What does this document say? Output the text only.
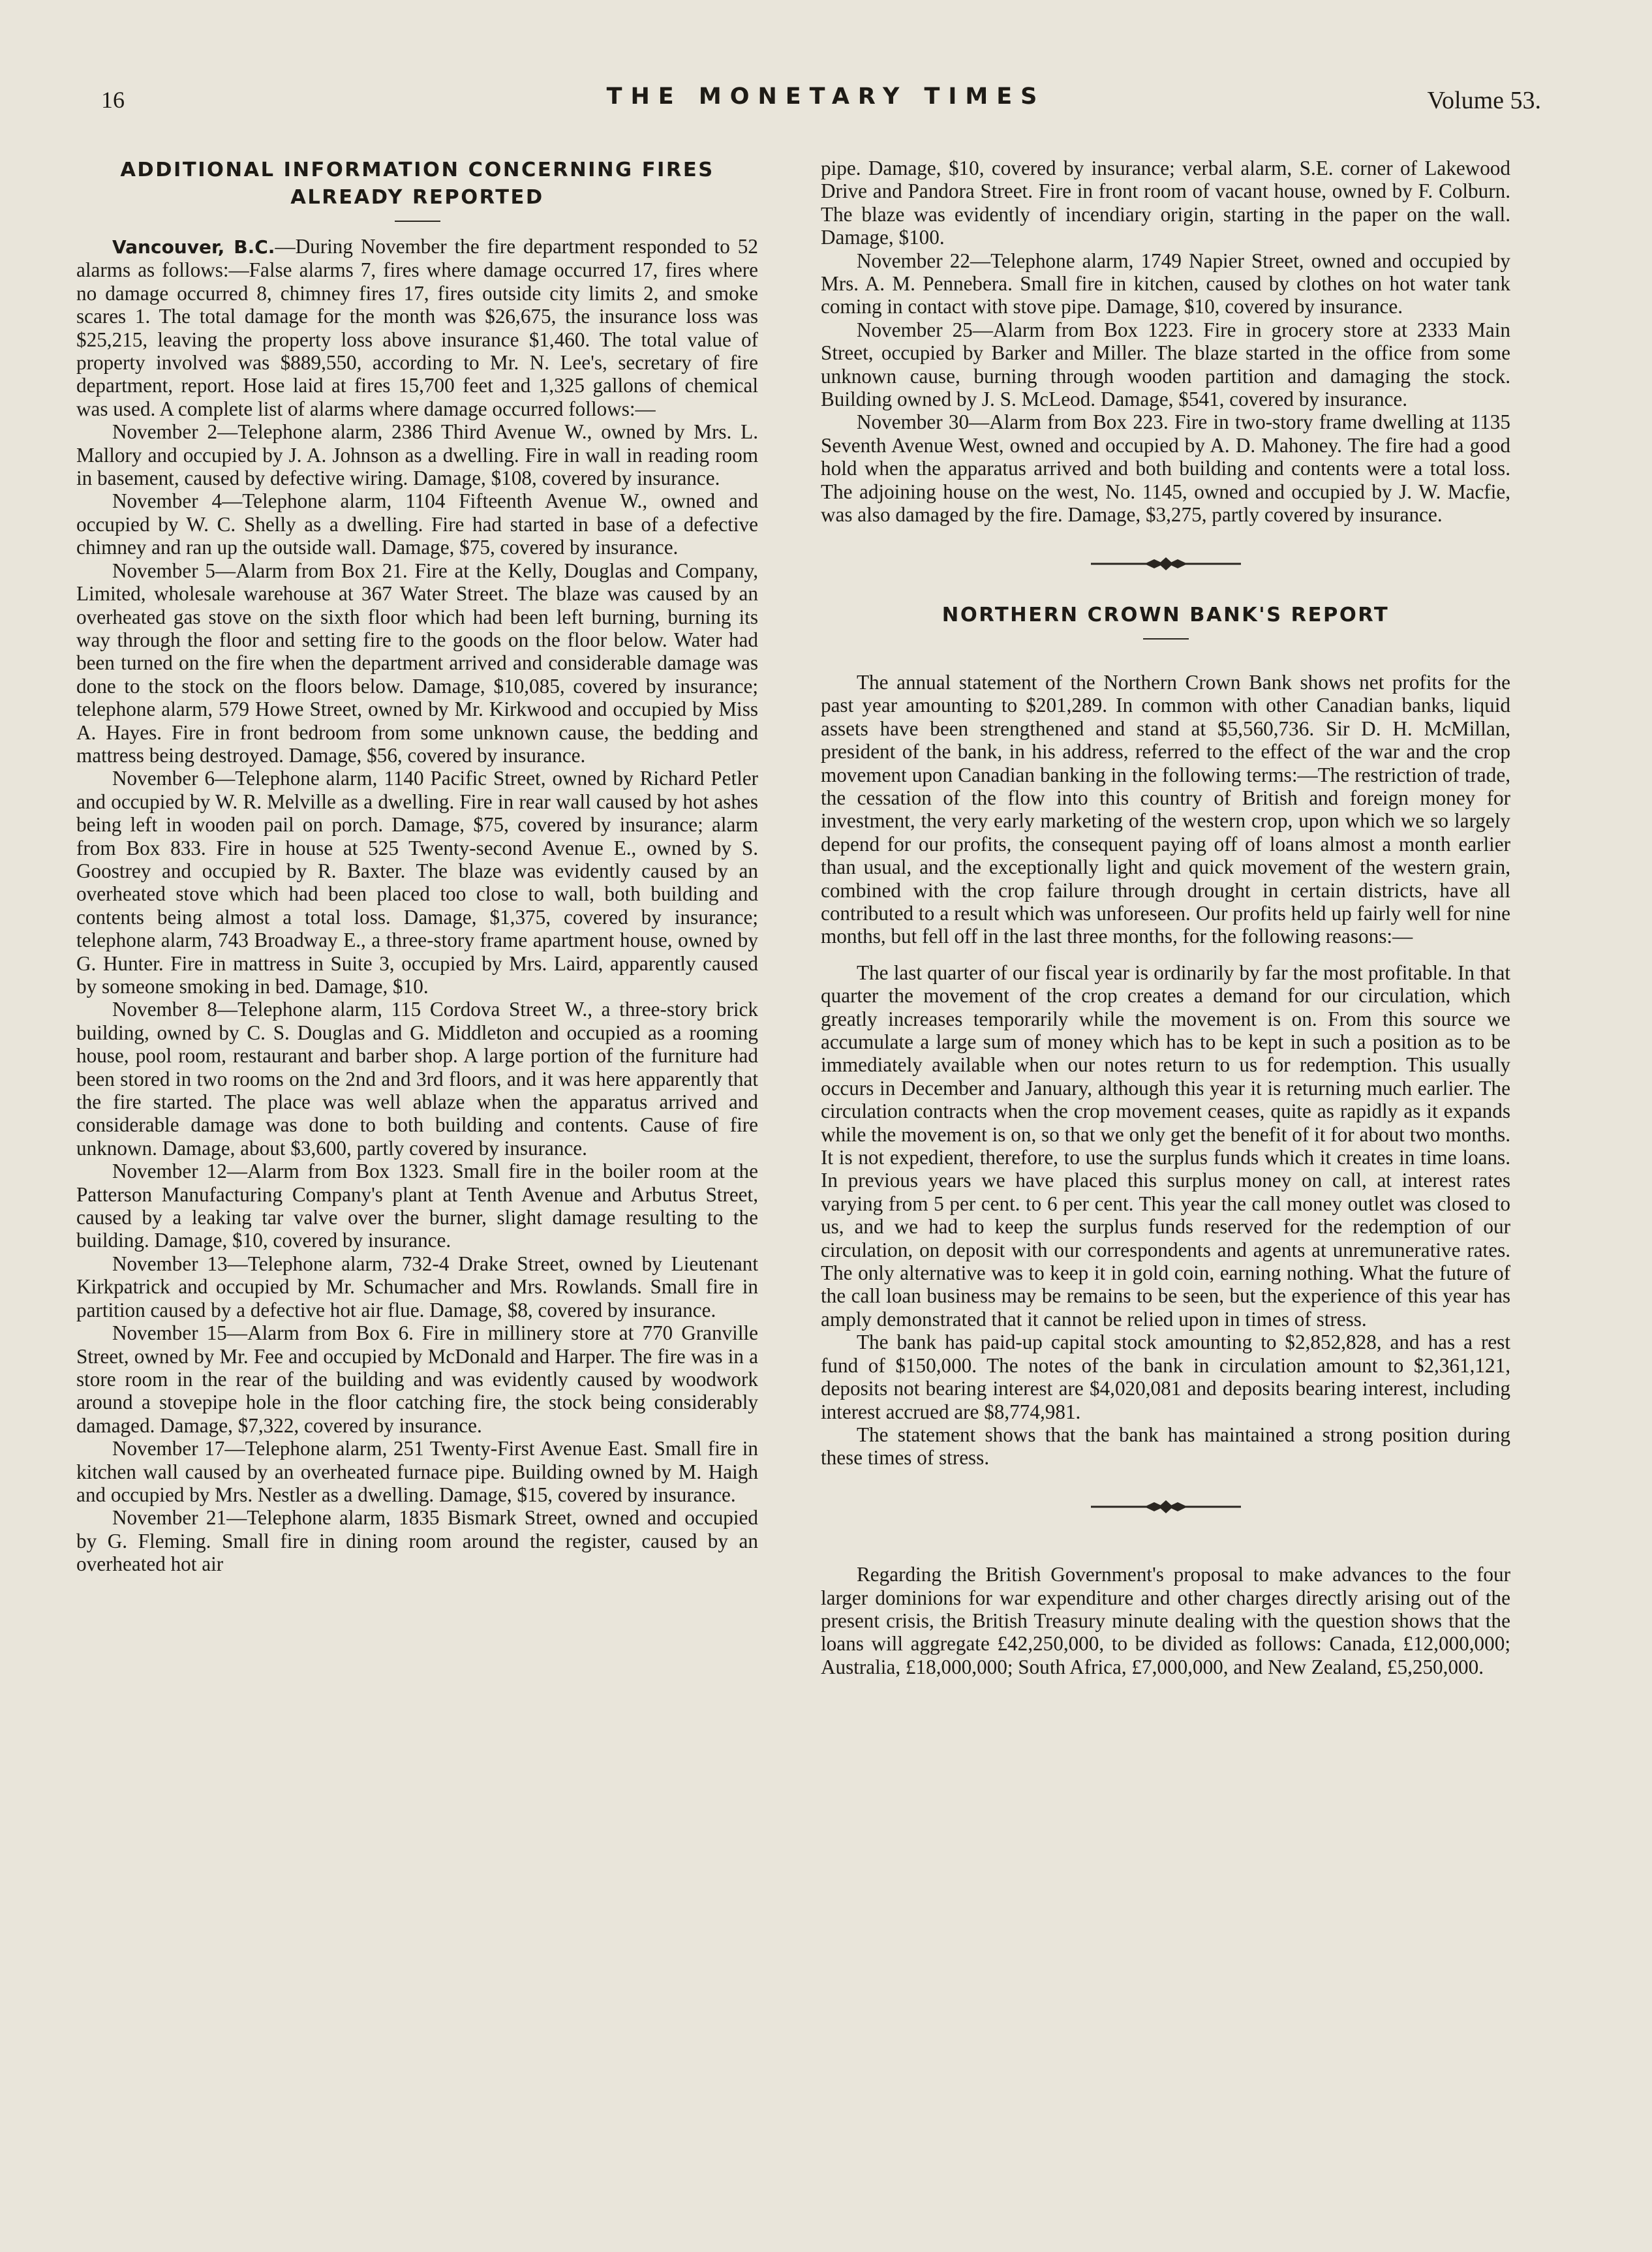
16	THE MONETARY TIMES	Volume 53.
ADDITIONAL INFORMATION CONCERNING FIRES
ALREADY REPORTED

Vancouver, B.C.—During November the fire department responded to 52 alarms as follows:—False alarms 7, fires where damage occurred 17, fires where no damage occurred 8, chimney fires 17, fires outside city limits 2, and smoke scares 1. The total damage for the month was $26,675, the insurance loss was $25,215, leaving the property loss above insurance $1,460. The total value of property involved was $889,550, according to Mr. N. Lee's, secretary of fire department, report. Hose laid at fires 15,700 feet and 1,325 gallons of chemical was used. A complete list of alarms where damage occurred follows:—

November 2—Telephone alarm, 2386 Third Avenue W., owned by Mrs. L. Mallory and occupied by J. A. Johnson as a dwelling. Fire in wall in reading room in basement, caused by defective wiring. Damage, $108, covered by insurance.

November 4—Telephone alarm, 1104 Fifteenth Avenue W., owned and occupied by W. C. Shelly as a dwelling. Fire had started in base of a defective chimney and ran up the outside wall. Damage, $75, covered by insurance.

November 5—Alarm from Box 21. Fire at the Kelly, Douglas and Company, Limited, wholesale warehouse at 367 Water Street. The blaze was caused by an overheated gas stove on the sixth floor which had been left burning, burning its way through the floor and setting fire to the goods on the floor below. Water had been turned on the fire when the department arrived and considerable damage was done to the stock on the floors below. Damage, $10,085, covered by insurance; telephone alarm, 579 Howe Street, owned by Mr. Kirkwood and occupied by Miss A. Hayes. Fire in front bedroom from some unknown cause, the bedding and mattress being destroyed. Damage, $56, covered by insurance.

November 6—Telephone alarm, 1140 Pacific Street, owned by Richard Petler and occupied by W. R. Melville as a dwelling. Fire in rear wall caused by hot ashes being left in wooden pail on porch. Damage, $75, covered by insurance; alarm from Box 833. Fire in house at 525 Twenty-second Avenue E., owned by S. Goostrey and occupied by R. Baxter. The blaze was evidently caused by an overheated stove which had been placed too close to wall, both building and contents being almost a total loss. Damage, $1,375, covered by insurance; telephone alarm, 743 Broadway E., a three-story frame apartment house, owned by G. Hunter. Fire in mattress in Suite 3, occupied by Mrs. Laird, apparently caused by someone smoking in bed. Damage, $10.

November 8—Telephone alarm, 115 Cordova Street W., a three-story brick building, owned by C. S. Douglas and G. Middleton and occupied as a rooming house, pool room, restaurant and barber shop. A large portion of the furniture had been stored in two rooms on the 2nd and 3rd floors, and it was here apparently that the fire started. The place was well ablaze when the apparatus arrived and considerable damage was done to both building and contents. Cause of fire unknown. Damage, about $3,600, partly covered by insurance.

November 12—Alarm from Box 1323. Small fire in the boiler room at the Patterson Manufacturing Company's plant at Tenth Avenue and Arbutus Street, caused by a leaking tar valve over the burner, slight damage resulting to the building. Damage, $10, covered by insurance.

November 13—Telephone alarm, 732-4 Drake Street, owned by Lieutenant Kirkpatrick and occupied by Mr. Schumacher and Mrs. Rowlands. Small fire in partition caused by a defective hot air flue. Damage, $8, covered by insurance.

November 15—Alarm from Box 6. Fire in millinery store at 770 Granville Street, owned by Mr. Fee and occupied by McDonald and Harper. The fire was in a store room in the rear of the building and was evidently caused by woodwork around a stovepipe hole in the floor catching fire, the stock being considerably damaged. Damage, $7,322, covered by insurance.

November 17—Telephone alarm, 251 Twenty-First Avenue East. Small fire in kitchen wall caused by an overheated furnace pipe. Building owned by M. Haigh and occupied by Mrs. Nestler as a dwelling. Damage, $15, covered by insurance.

November 21—Telephone alarm, 1835 Bismark Street, owned and occupied by G. Fleming. Small fire in dining room around the register, caused by an overheated hot air

pipe. Damage, $10, covered by insurance; verbal alarm, S.E. corner of Lakewood Drive and Pandora Street. Fire in front room of vacant house, owned by F. Colburn. The blaze was evidently of incendiary origin, starting in the paper on the wall. Damage, $100.

November 22—Telephone alarm, 1749 Napier Street, owned and occupied by Mrs. A. M. Pennebera. Small fire in kitchen, caused by clothes on hot water tank coming in contact with stove pipe. Damage, $10, covered by insurance.

November 25—Alarm from Box 1223. Fire in grocery store at 2333 Main Street, occupied by Barker and Miller. The blaze started in the office from some unknown cause, burning through wooden partition and damaging the stock. Building owned by J. S. McLeod. Damage, $541, covered by insurance.

November 30—Alarm from Box 223. Fire in two-story frame dwelling at 1135 Seventh Avenue West, owned and occupied by A. D. Mahoney. The fire had a good hold when the apparatus arrived and both building and contents were a total loss. The adjoining house on the west, No. 1145, owned and occupied by J. W. Macfie, was also damaged by the fire. Damage, $3,275, partly covered by insurance.

NORTHERN CROWN BANK'S REPORT

The annual statement of the Northern Crown Bank shows net profits for the past year amounting to $201,289. In common with other Canadian banks, liquid assets have been strengthened and stand at $5,560,736. Sir D. H. McMillan, president of the bank, in his address, referred to the effect of the war and the crop movement upon Canadian banking in the following terms:—The restriction of trade, the cessation of the flow into this country of British and foreign money for investment, the very early marketing of the western crop, upon which we so largely depend for our profits, the consequent paying off of loans almost a month earlier than usual, and the exceptionally light and quick movement of the western grain, combined with the crop failure through drought in certain districts, have all contributed to a result which was unforeseen. Our profits held up fairly well for nine months, but fell off in the last three months, for the following reasons:—

The last quarter of our fiscal year is ordinarily by far the most profitable. In that quarter the movement of the crop creates a demand for our circulation, which greatly increases temporarily while the movement is on. From this source we accumulate a large sum of money which has to be kept in such a position as to be immediately available when our notes return to us for redemption. This usually occurs in December and January, although this year it is returning much earlier. The circulation contracts when the crop movement ceases, quite as rapidly as it expands while the movement is on, so that we only get the benefit of it for about two months. It is not expedient, therefore, to use the surplus funds which it creates in time loans. In previous years we have placed this surplus money on call, at interest rates varying from 5 per cent. to 6 per cent. This year the call money outlet was closed to us, and we had to keep the surplus funds reserved for the redemption of our circulation, on deposit with our correspondents and agents at unremunerative rates. The only alternative was to keep it in gold coin, earning nothing. What the future of the call loan business may be remains to be seen, but the experience of this year has amply demonstrated that it cannot be relied upon in times of stress.

The bank has paid-up capital stock amounting to $2,852,828, and has a rest fund of $150,000. The notes of the bank in circulation amount to $2,361,121, deposits not bearing interest are $4,020,081 and deposits bearing interest, including interest accrued are $8,774,981.

The statement shows that the bank has maintained a strong position during these times of stress.

Regarding the British Government's proposal to make advances to the four larger dominions for war expenditure and other charges directly arising out of the present crisis, the British Treasury minute dealing with the question shows that the loans will aggregate £42,250,000, to be divided as follows: Canada, £12,000,000; Australia, £18,000,000; South Africa, £7,000,000, and New Zealand, £5,250,000.
